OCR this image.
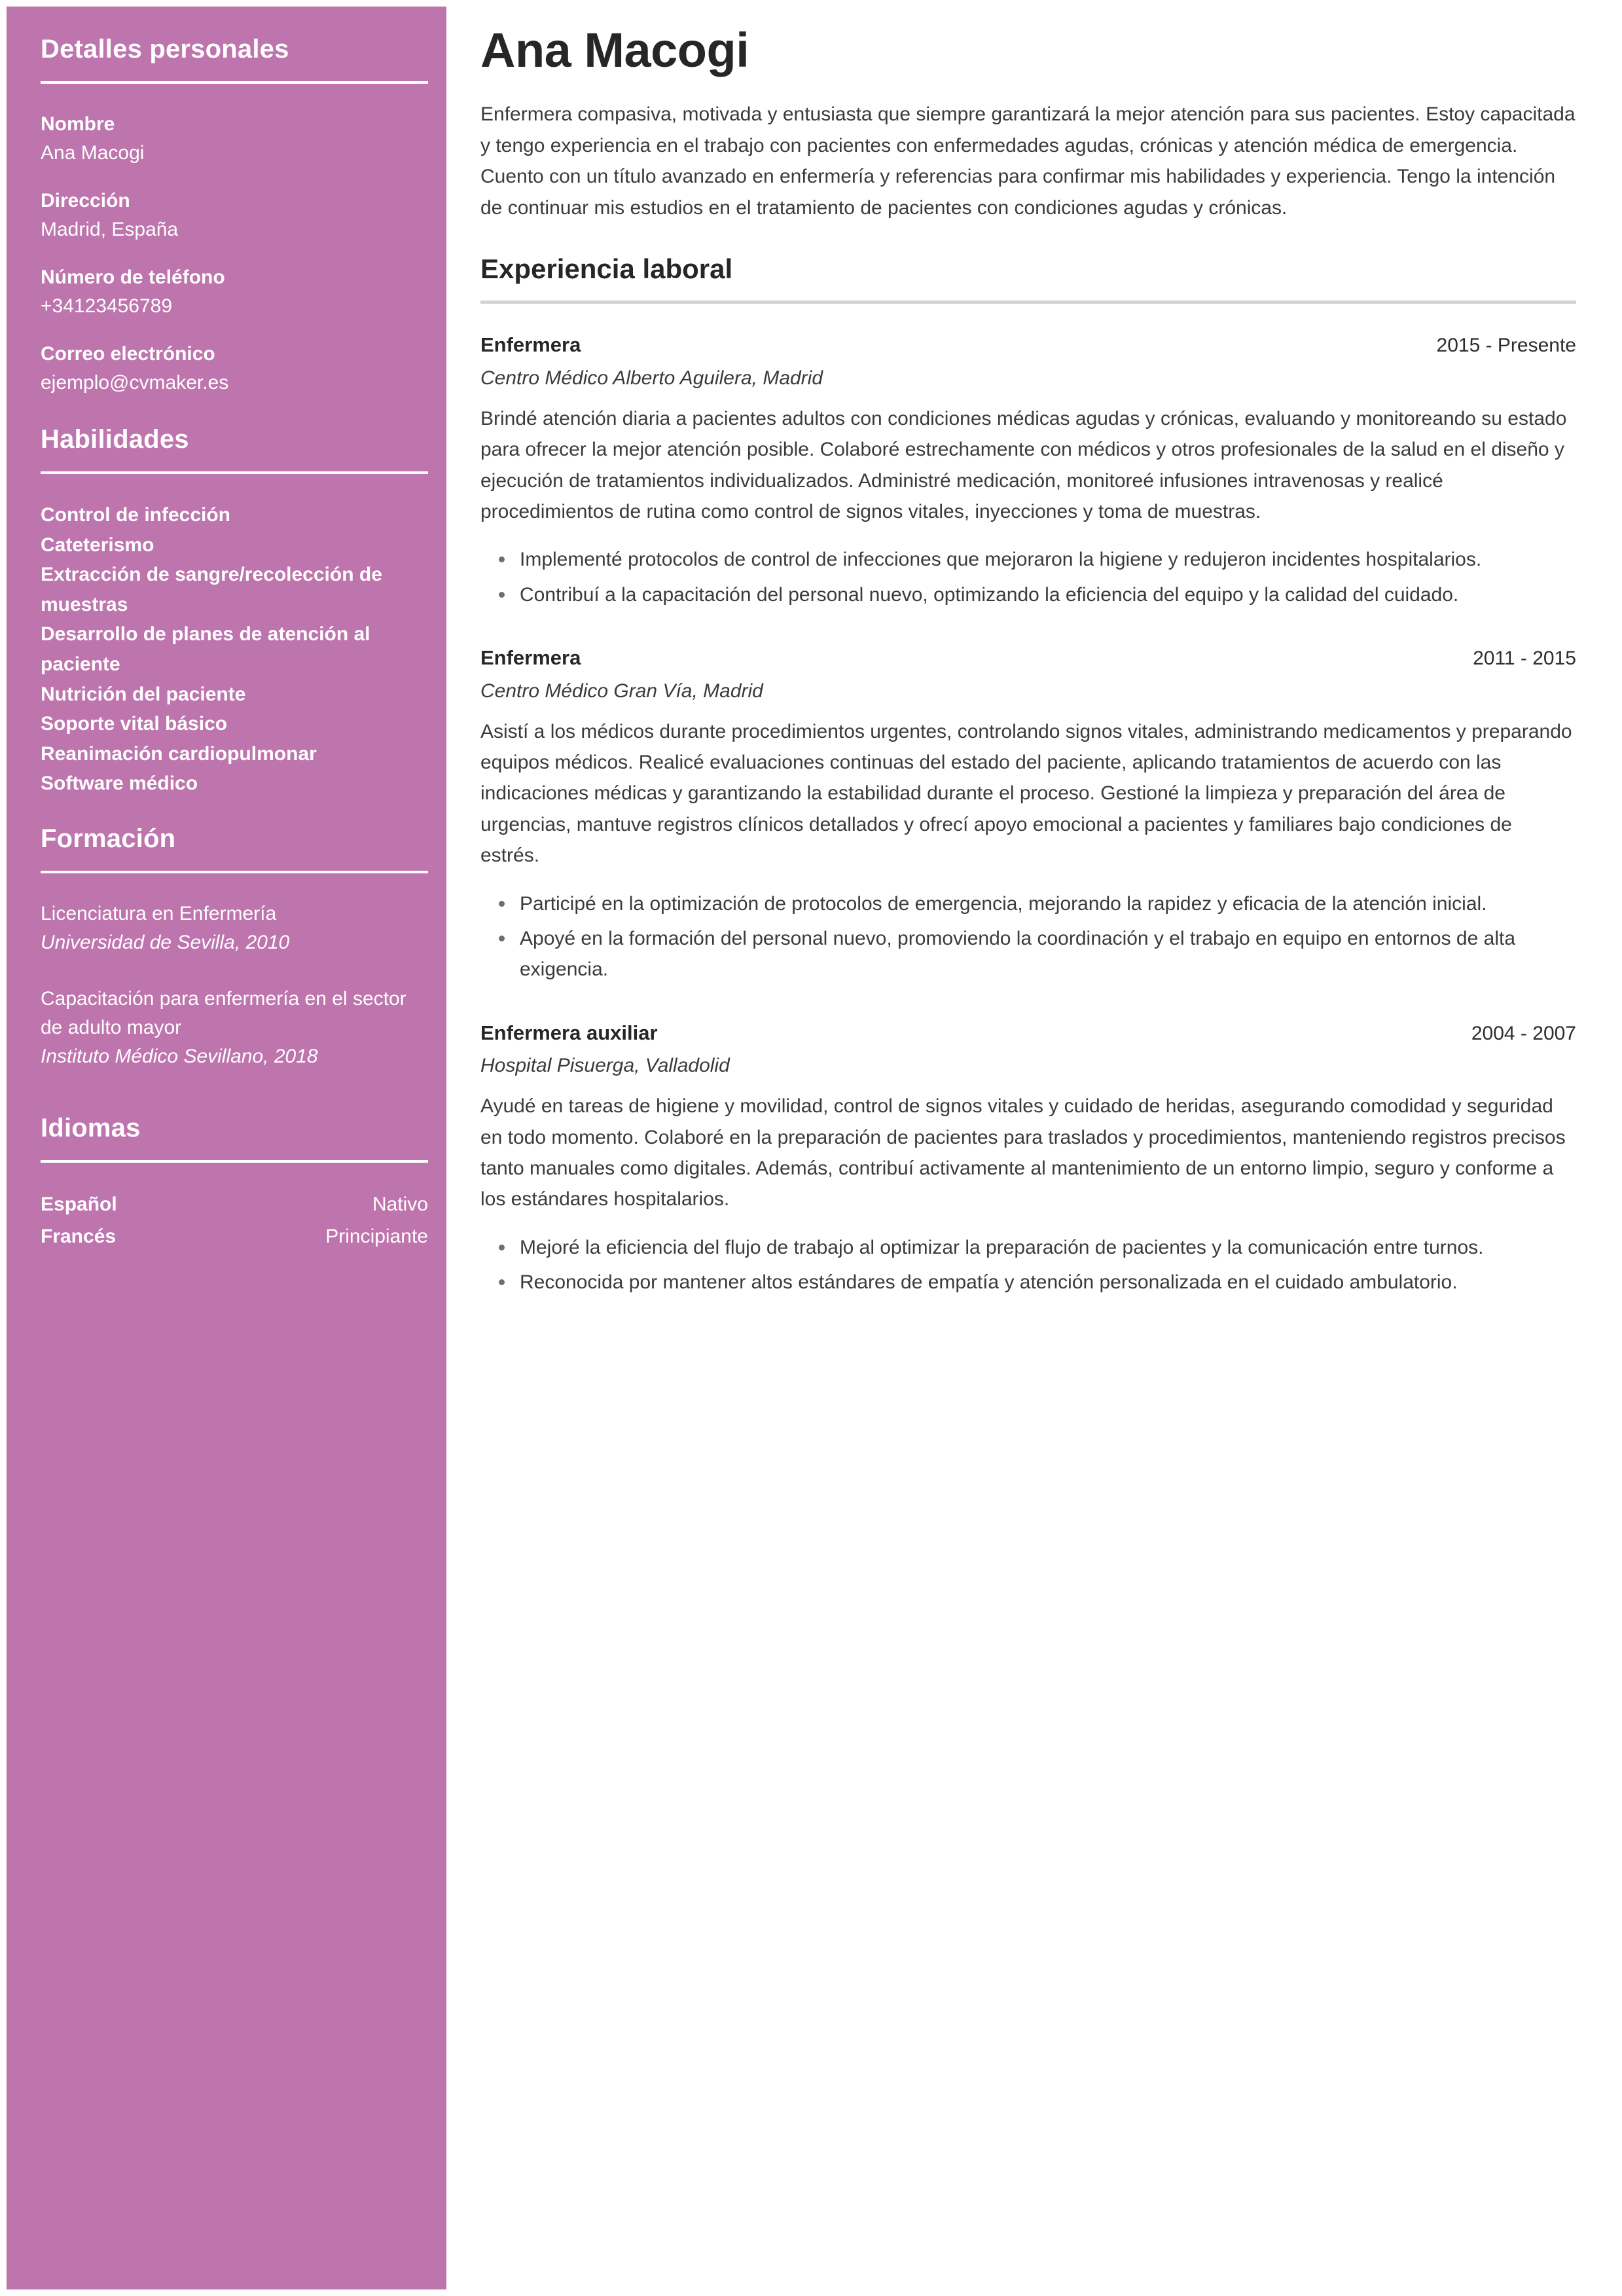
Detalles personales
Nombre
Ana Macogi
Dirección
Madrid, España
Número de teléfono
+34123456789
Correo electrónico
ejemplo@cvmaker.es
Habilidades
Control de infección
Cateterismo
Extracción de sangre/recolección de muestras
Desarrollo de planes de atención al paciente
Nutrición del paciente
Soporte vital básico
Reanimación cardiopulmonar
Software médico
Formación
Licenciatura en Enfermería
Universidad de Sevilla, 2010
Capacitación para enfermería en el sector de adulto mayor
Instituto Médico Sevillano, 2018
Idiomas
Español	Nativo
Francés	Principiante
Ana Macogi

Enfermera compasiva, motivada y entusiasta que siempre garantizará la mejor atención para sus pacientes. Estoy capacitada y tengo experiencia en el trabajo con pacientes con enfermedades agudas, crónicas y atención médica de emergencia. Cuento con un título avanzado en enfermería y referencias para confirmar mis habilidades y experiencia. Tengo la intención de continuar mis estudios en el tratamiento de pacientes con condiciones agudas y crónicas.

Experiencia laboral
Enfermera	2015 - Presente
Centro Médico Alberto Aguilera, Madrid

Brindé atención diaria a pacientes adultos con condiciones médicas agudas y crónicas, evaluando y monitoreando su estado para ofrecer la mejor atención posible. Colaboré estrechamente con médicos y otros profesionales de la salud en el diseño y ejecución de tratamientos individualizados. Administré medicación, monitoreé infusiones intravenosas y realicé procedimientos de rutina como control de signos vitales, inyecciones y toma de muestras.

Implementé protocolos de control de infecciones que mejoraron la higiene y redujeron incidentes hospitalarios.
Contribuí a la capacitación del personal nuevo, optimizando la eficiencia del equipo y la calidad del cuidado.
Enfermera	2011 - 2015
Centro Médico Gran Vía, Madrid

Asistí a los médicos durante procedimientos urgentes, controlando signos vitales, administrando medicamentos y preparando equipos médicos. Realicé evaluaciones continuas del estado del paciente, aplicando tratamientos de acuerdo con las indicaciones médicas y garantizando la estabilidad durante el proceso. Gestioné la limpieza y preparación del área de urgencias, mantuve registros clínicos detallados y ofrecí apoyo emocional a pacientes y familiares bajo condiciones de estrés.

Participé en la optimización de protocolos de emergencia, mejorando la rapidez y eficacia de la atención inicial.
Apoyé en la formación del personal nuevo, promoviendo la coordinación y el trabajo en equipo en entornos de alta exigencia.
Enfermera auxiliar	2004 - 2007
Hospital Pisuerga, Valladolid

Ayudé en tareas de higiene y movilidad, control de signos vitales y cuidado de heridas, asegurando comodidad y seguridad en todo momento. Colaboré en la preparación de pacientes para traslados y procedimientos, manteniendo registros precisos tanto manuales como digitales. Además, contribuí activamente al mantenimiento de un entorno limpio, seguro y conforme a los estándares hospitalarios.

Mejoré la eficiencia del flujo de trabajo al optimizar la preparación de pacientes y la comunicación entre turnos.
Reconocida por mantener altos estándares de empatía y atención personalizada en el cuidado ambulatorio.
